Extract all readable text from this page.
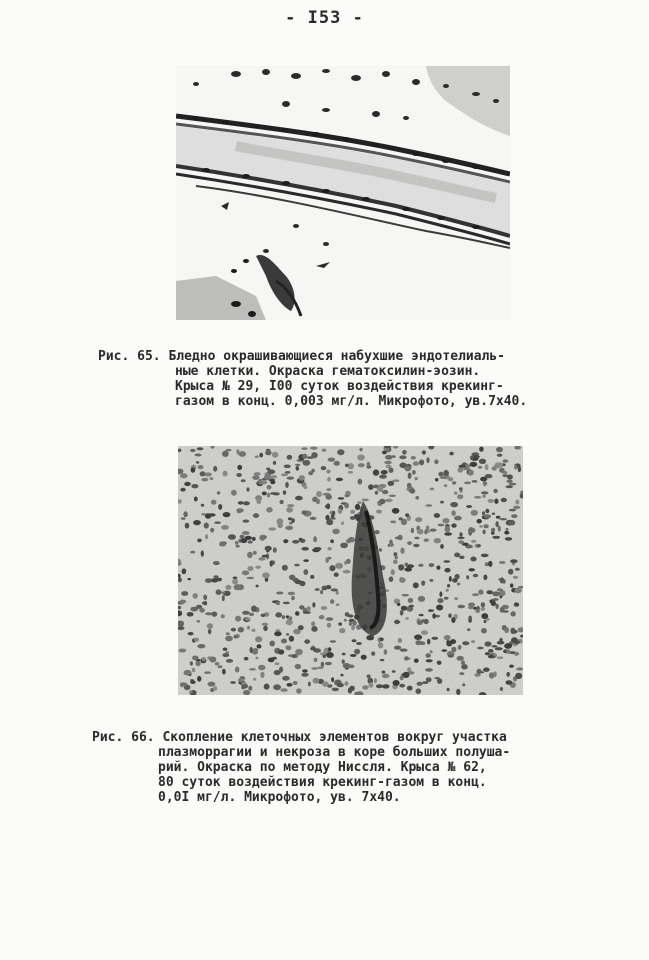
- I53 -
Рис. 65. Бледно окрашивающиеся набухшие эндотелиаль-
ные клетки. Окраска гематоксилин-эозин.
Крыса № 29, I00 суток воздействия крекинг-
газом в конц. 0,003 мг/л. Микрофото, ув.7х40.
Рис. 66. Скопление клеточных элементов вокруг участка
плазморрагии и некроза в коре больших полуша-
рий. Окраска по методу Ниссля. Крыса № 62,
80 суток воздействия крекинг-газом в конц.
0,0I мг/л. Микрофото, ув. 7х40.
